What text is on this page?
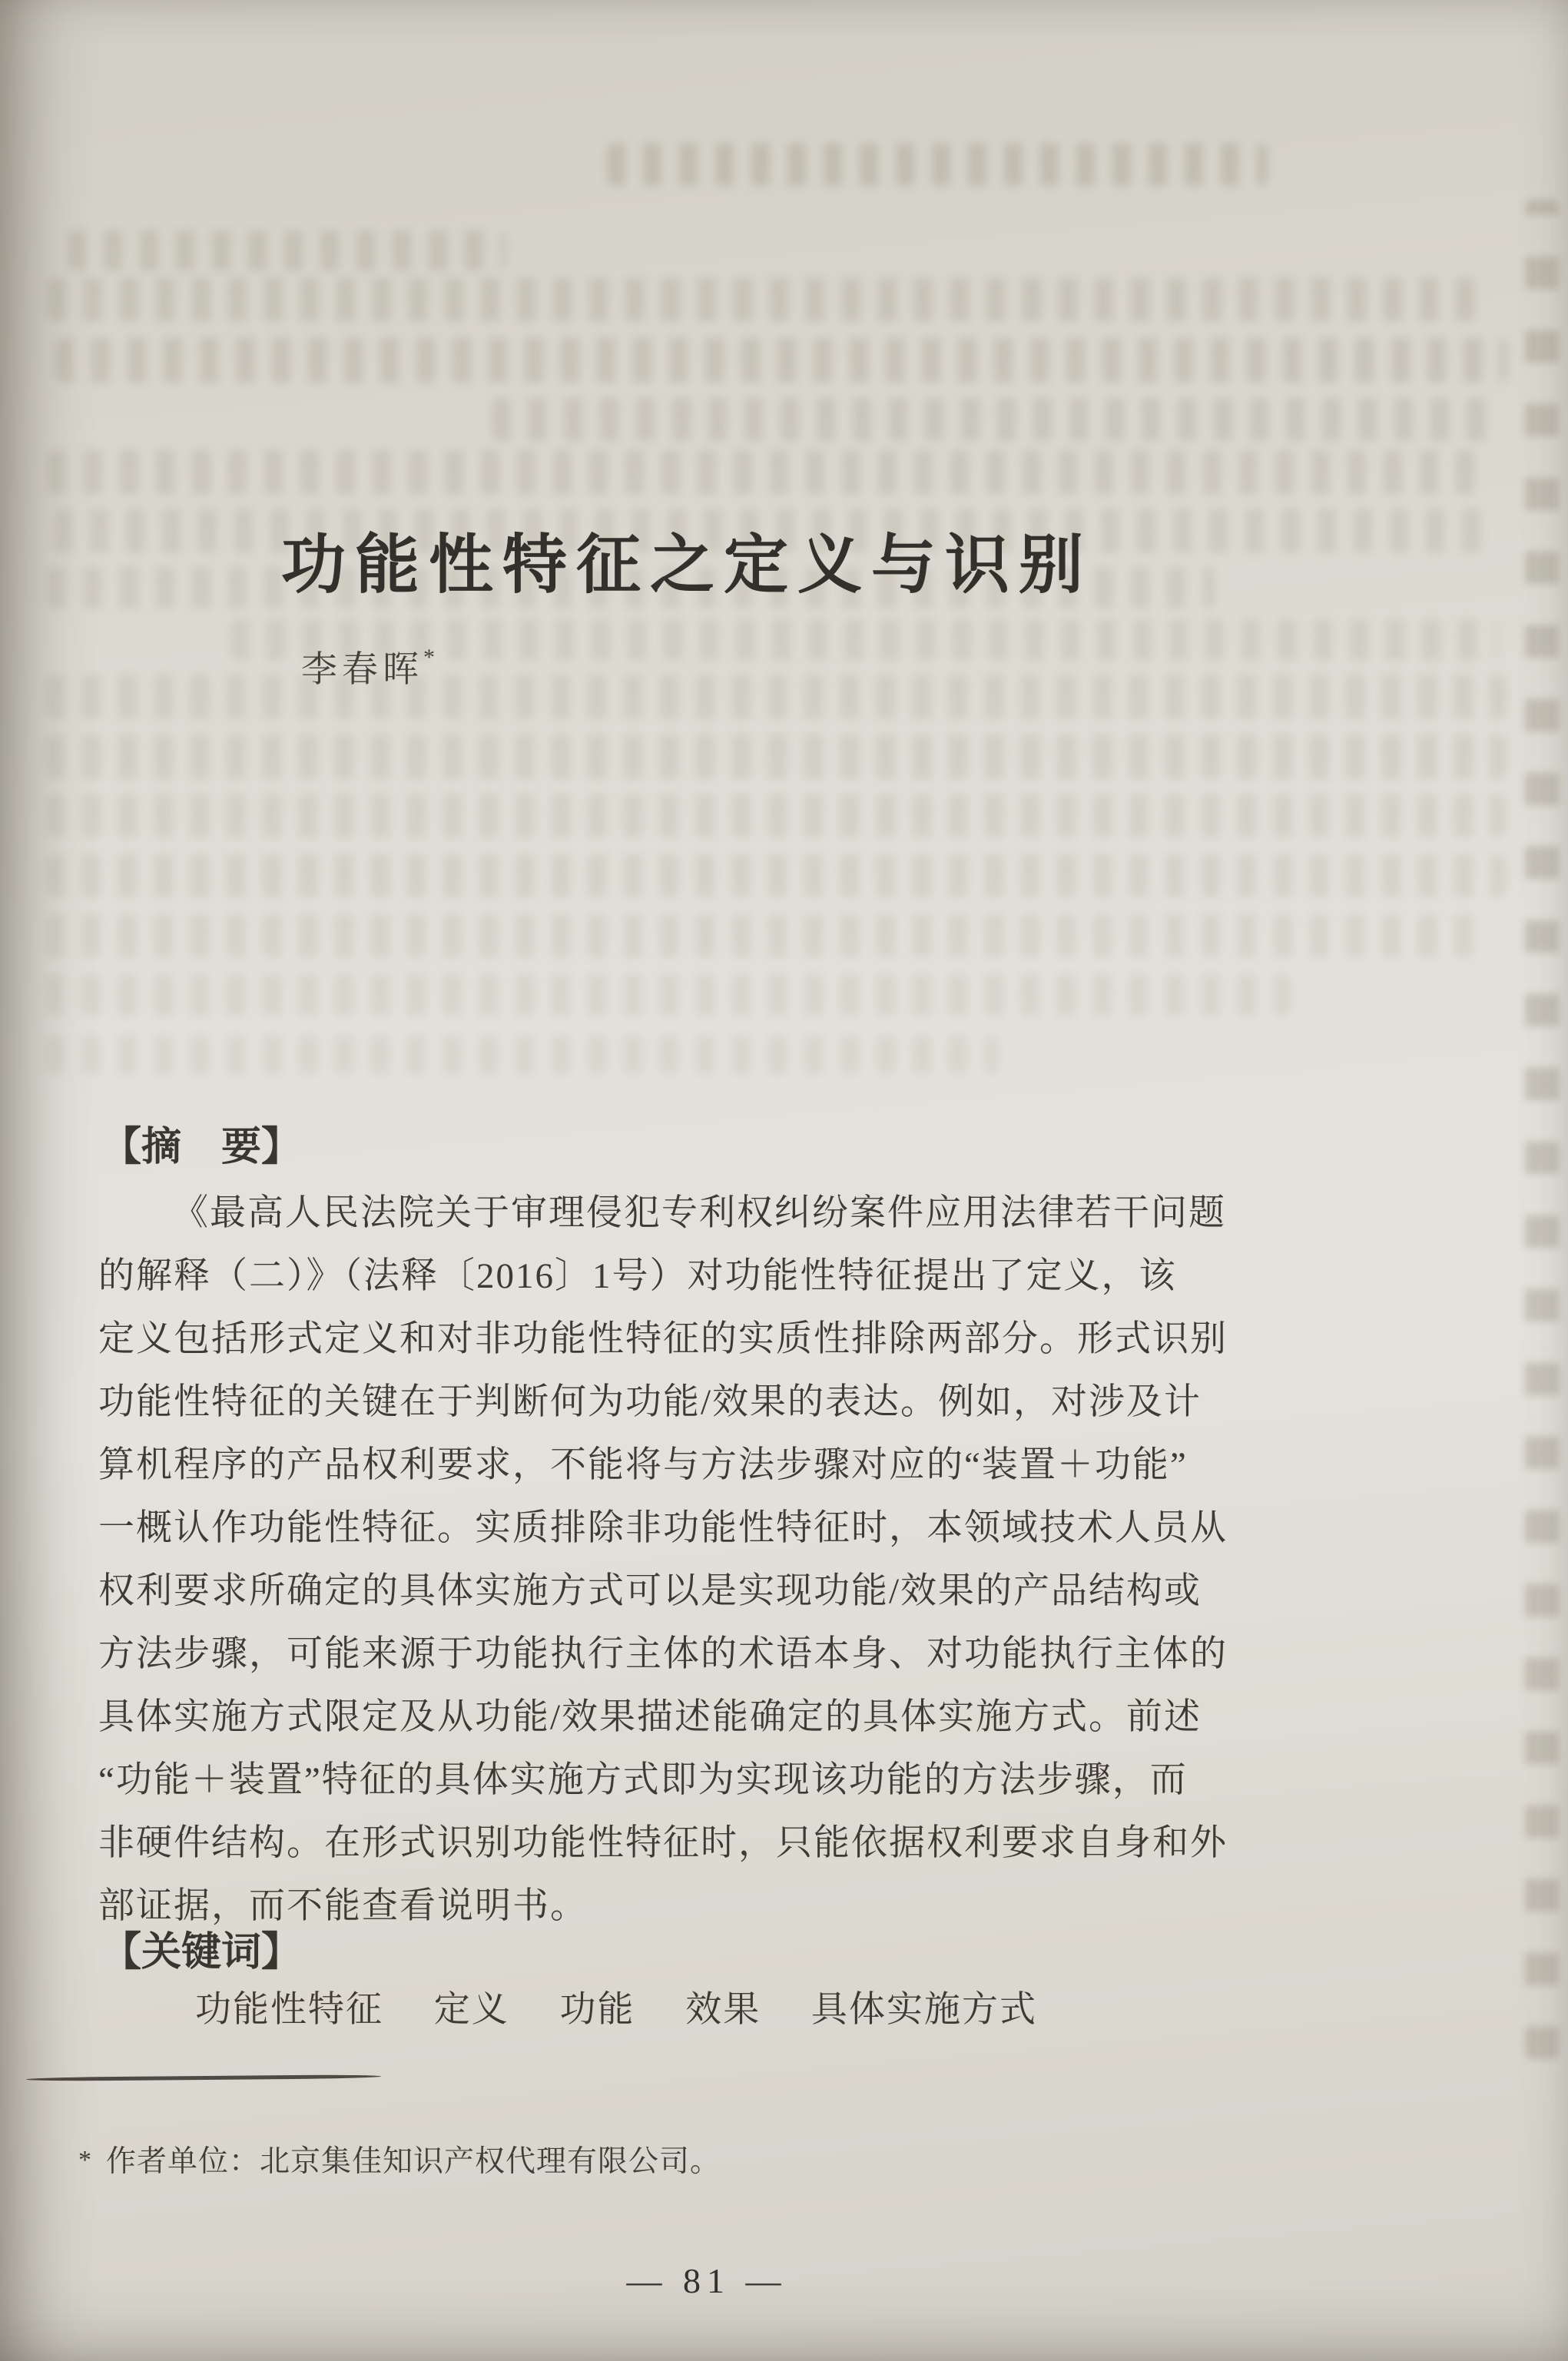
功能性特征之定义与识别
李春晖*
【摘　要】
《最高人民法院关于审理侵犯专利权纠纷案件应用法律若干问题
的解释（二）》（法释〔2016〕1号）对功能性特征提出了定义，该
定义包括形式定义和对非功能性特征的实质性排除两部分。形式识别
功能性特征的关键在于判断何为功能/效果的表达。例如，对涉及计
算机程序的产品权利要求，不能将与方法步骤对应的“装置＋功能”
一概认作功能性特征。实质排除非功能性特征时，本领域技术人员从
权利要求所确定的具体实施方式可以是实现功能/效果的产品结构或
方法步骤，可能来源于功能执行主体的术语本身、对功能执行主体的
具体实施方式限定及从功能/效果描述能确定的具体实施方式。前述
“功能＋装置”特征的具体实施方式即为实现该功能的方法步骤，而
非硬件结构。在形式识别功能性特征时，只能依据权利要求自身和外
部证据，而不能查看说明书。
【关键词】
功能性特征 定义 功能 效果 具体实施方式
* 作者单位：北京集佳知识产权代理有限公司。
— 81 —
